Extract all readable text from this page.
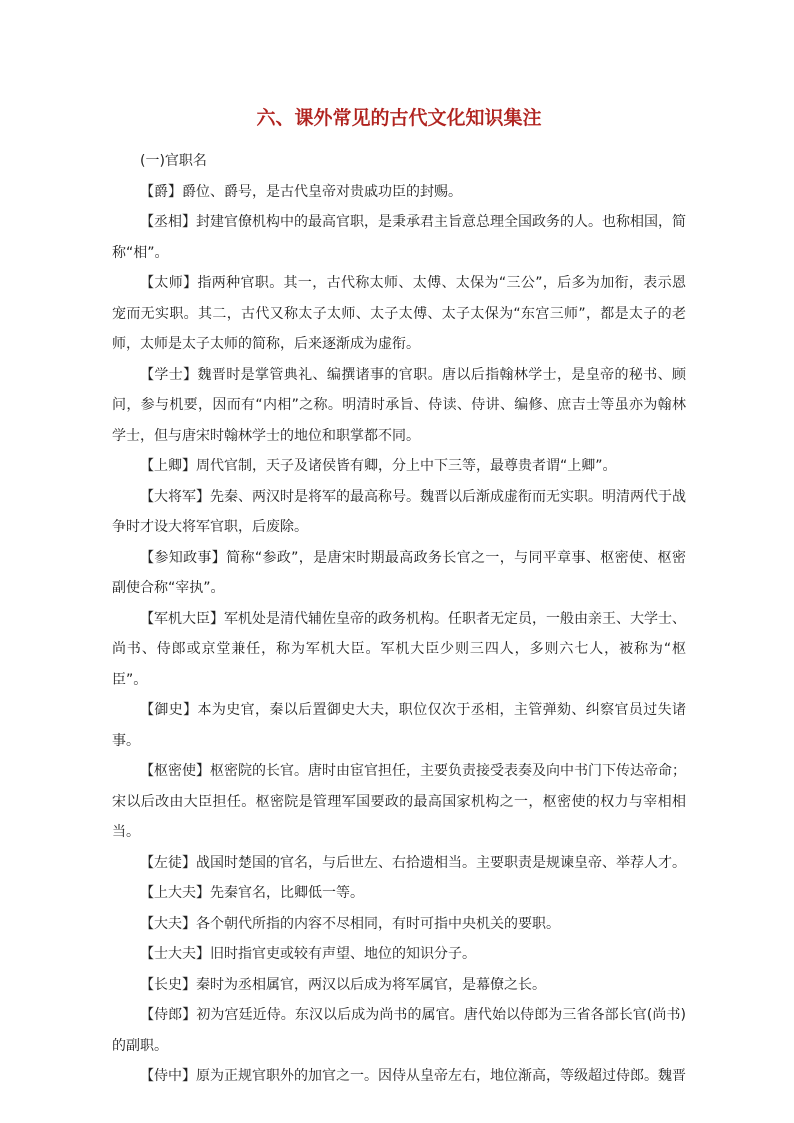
六、课外常见的古代文化知识集注

(一)官职名

【爵】爵位、爵号，是古代皇帝对贵戚功臣的封赐。

【丞相】封建官僚机构中的最高官职，是秉承君主旨意总理全国政务的人。也称相国，简称“相”。

【太师】指两种官职。其一，古代称太师、太傅、太保为“三公”，后多为加衔，表示恩宠而无实职。其二，古代又称太子太师、太子太傅、太子太保为“东宫三师”，都是太子的老师，太师是太子太师的简称，后来逐渐成为虚衔。

【学士】魏晋时是掌管典礼、编撰诸事的官职。唐以后指翰林学士，是皇帝的秘书、顾问，参与机要，因而有“内相”之称。明清时承旨、侍读、侍讲、编修、庶吉士等虽亦为翰林学士，但与唐宋时翰林学士的地位和职掌都不同。

【上卿】周代官制，天子及诸侯皆有卿，分上中下三等，最尊贵者谓“上卿”。

【大将军】先秦、两汉时是将军的最高称号。魏晋以后渐成虚衔而无实职。明清两代于战争时才设大将军官职，后废除。

【参知政事】简称“参政”，是唐宋时期最高政务长官之一，与同平章事、枢密使、枢密副使合称“宰执”。

【军机大臣】军机处是清代辅佐皇帝的政务机构。任职者无定员，一般由亲王、大学士、尚书、侍郎或京堂兼任，称为军机大臣。军机大臣少则三四人，多则六七人，被称为“枢臣”。

【御史】本为史官，秦以后置御史大夫，职位仅次于丞相，主管弹劾、纠察官员过失诸事。

【枢密使】枢密院的长官。唐时由宦官担任，主要负责接受表奏及向中书门下传达帝命；宋以后改由大臣担任。枢密院是管理军国要政的最高国家机构之一，枢密使的权力与宰相相当。

【左徒】战国时楚国的官名，与后世左、右拾遗相当。主要职责是规谏皇帝、举荐人才。

【上大夫】先秦官名，比卿低一等。

【大夫】各个朝代所指的内容不尽相同，有时可指中央机关的要职。

【士大夫】旧时指官吏或较有声望、地位的知识分子。

【长史】秦时为丞相属官，两汉以后成为将军属官，是幕僚之长。

【侍郎】初为宫廷近侍。东汉以后成为尚书的属官。唐代始以侍郎为三省各部长官(尚书)的副职。

【侍中】原为正规官职外的加官之一。因侍从皇帝左右，地位渐高，等级超过侍郎。魏晋
